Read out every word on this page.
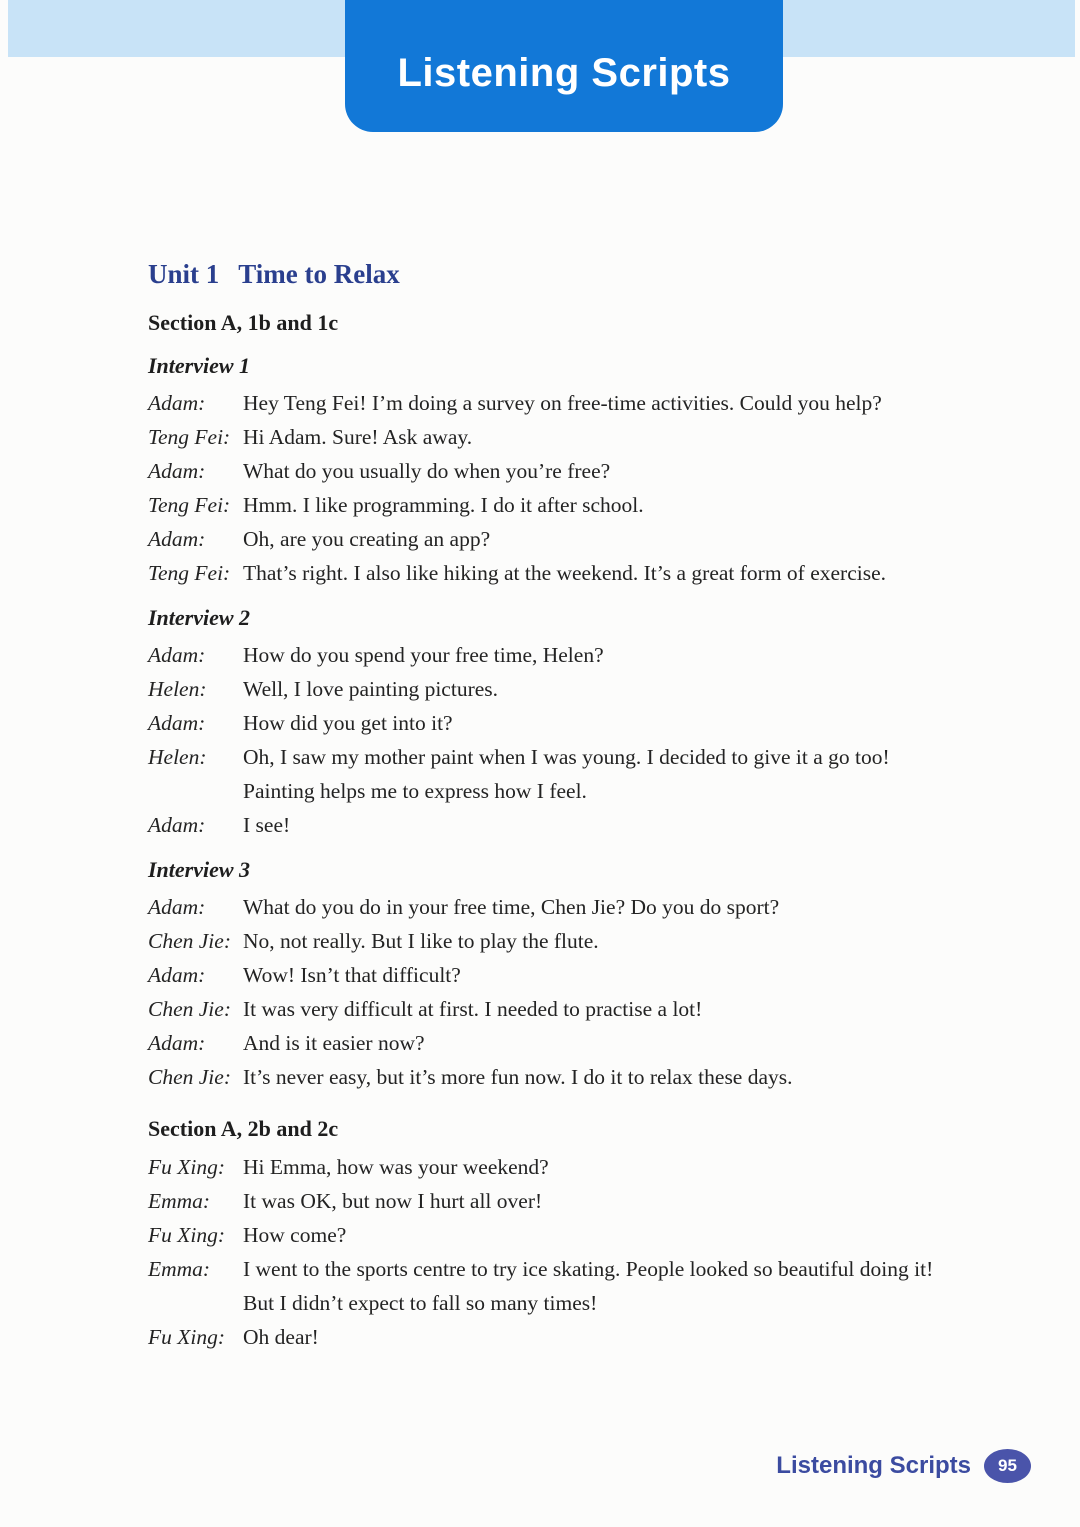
Listening Scripts
Unit 1 Time to Relax
Section A, 1b and 1c
Interview 1
Adam:	Hey Teng Fei! I’m doing a survey on free-time activities. Could you help?
Teng Fei: Hi Adam. Sure! Ask away.
Adam:	What do you usually do when you’re free?
Teng Fei: Hmm. I like programming. I do it after school.
Adam:	Oh, are you creating an app?
Teng Fei: That’s right. I also like hiking at the weekend. It’s a great form of exercise.
Interview 2
Adam:	How do you spend your free time, Helen?
Helen:	Well, I love painting pictures.
Adam:	How did you get into it?
Helen:	Oh, I saw my mother paint when I was young. I decided to give it a go too!
Painting helps me to express how I feel.
Adam:	I see!
Interview 3
Adam:	What do you do in your free time, Chen Jie? Do you do sport?
Chen Jie: No, not really. But I like to play the flute.
Adam:	Wow! Isn’t that difficult?
Chen Jie: It was very difficult at first. I needed to practise a lot!
Adam:	And is it easier now?
Chen Jie: It’s never easy, but it’s more fun now. I do it to relax these days.
Section A, 2b and 2c
Fu Xing: Hi Emma, how was your weekend?
Emma:	It was OK, but now I hurt all over!
Fu Xing: How come?
Emma:	I went to the sports centre to try ice skating. People looked so beautiful doing it!
But I didn’t expect to fall so many times!
Fu Xing: Oh dear!
Listening Scripts 95
